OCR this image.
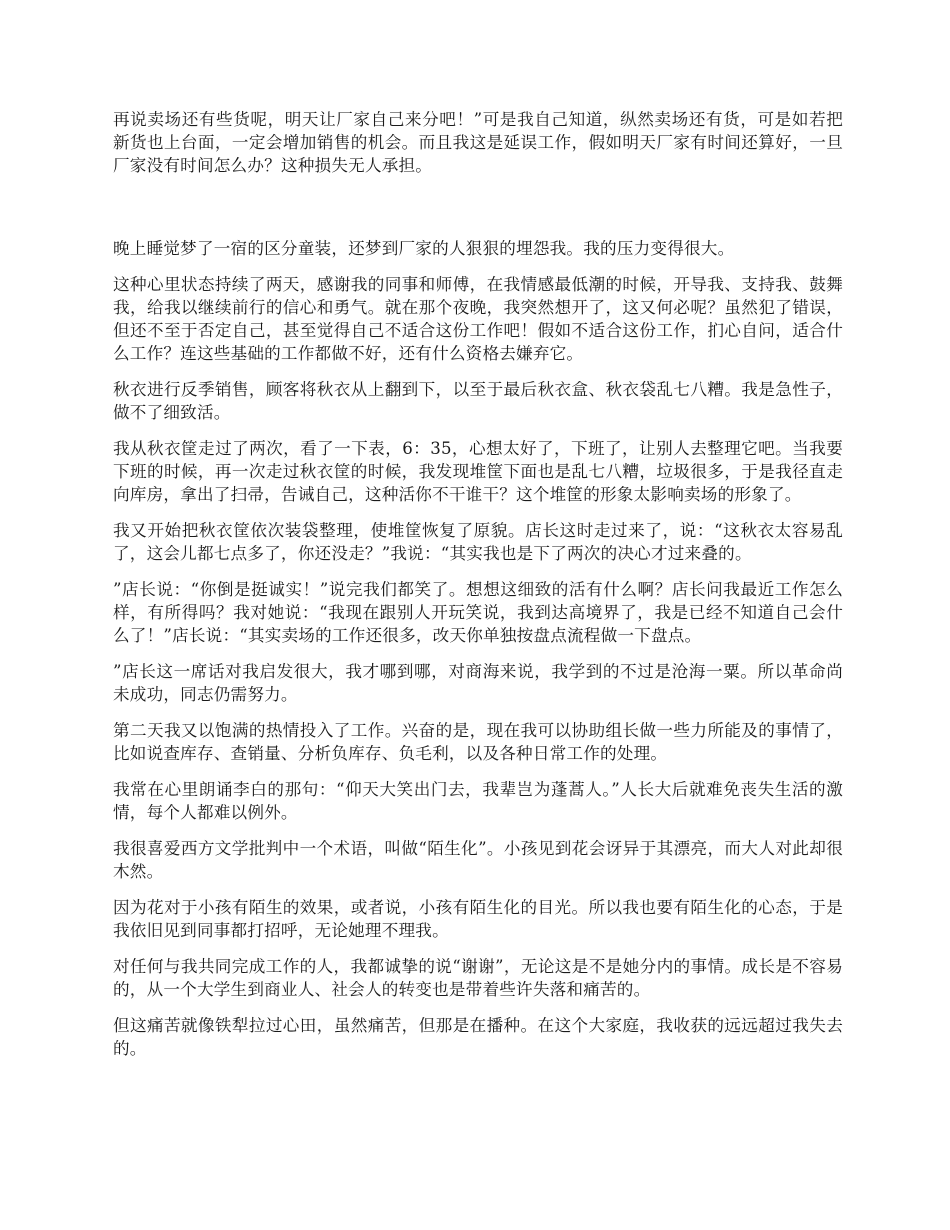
再说卖场还有些货呢，明天让厂家自己来分吧！”可是我自己知道，纵然卖场还有货，可是如若把新货也上台面，一定会增加销售的机会。而且我这是延误工作，假如明天厂家有时间还算好，一旦厂家没有时间怎么办？这种损失无人承担。

晚上睡觉梦了一宿的区分童装，还梦到厂家的人狠狠的埋怨我。我的压力变得很大。

这种心里状态持续了两天，感谢我的同事和师傅，在我情感最低潮的时候，开导我、支持我、鼓舞我，给我以继续前行的信心和勇气。就在那个夜晚，我突然想开了，这又何必呢？虽然犯了错误，但还不至于否定自己，甚至觉得自己不适合这份工作吧！假如不适合这份工作，扪心自问，适合什么工作？连这些基础的工作都做不好，还有什么资格去嫌弃它。

秋衣进行反季销售，顾客将秋衣从上翻到下，以至于最后秋衣盒、秋衣袋乱七八糟。我是急性子，做不了细致活。

我从秋衣筐走过了两次，看了一下表，6：35，心想太好了，下班了，让别人去整理它吧。当我要下班的时候，再一次走过秋衣筐的时候，我发现堆筐下面也是乱七八糟，垃圾很多，于是我径直走向库房，拿出了扫帚，告诫自己，这种活你不干谁干？这个堆筐的形象太影响卖场的形象了。

我又开始把秋衣筐依次装袋整理，使堆筐恢复了原貌。店长这时走过来了，说：“这秋衣太容易乱了，这会儿都七点多了，你还没走？”我说：“其实我也是下了两次的决心才过来叠的。

”店长说：“你倒是挺诚实！”说完我们都笑了。想想这细致的活有什么啊？店长问我最近工作怎么样，有所得吗？我对她说：“我现在跟别人开玩笑说，我到达高境界了，我是已经不知道自己会什么了！”店长说：“其实卖场的工作还很多，改天你单独按盘点流程做一下盘点。

”店长这一席话对我启发很大，我才哪到哪，对商海来说，我学到的不过是沧海一粟。所以革命尚未成功，同志仍需努力。

第二天我又以饱满的热情投入了工作。兴奋的是，现在我可以协助组长做一些力所能及的事情了，比如说查库存、查销量、分析负库存、负毛利，以及各种日常工作的处理。

我常在心里朗诵李白的那句：“仰天大笑出门去，我辈岂为蓬蒿人。”人长大后就难免丧失生活的激情，每个人都难以例外。

我很喜爱西方文学批判中一个术语，叫做“陌生化”。小孩见到花会讶异于其漂亮，而大人对此却很木然。

因为花对于小孩有陌生的效果，或者说，小孩有陌生化的目光。所以我也要有陌生化的心态，于是我依旧见到同事都打招呼，无论她理不理我。

对任何与我共同完成工作的人，我都诚挚的说“谢谢”，无论这是不是她分内的事情。成长是不容易的，从一个大学生到商业人、社会人的转变也是带着些许失落和痛苦的。

但这痛苦就像铁犁拉过心田，虽然痛苦，但那是在播种。在这个大家庭，我收获的远远超过我失去的。
